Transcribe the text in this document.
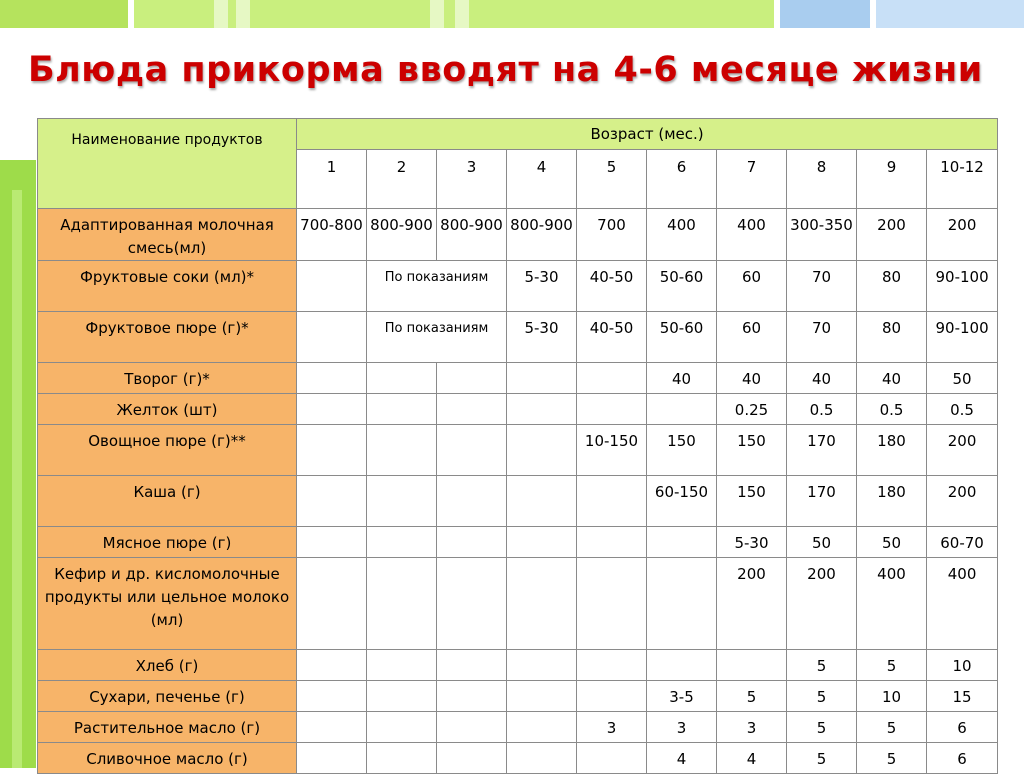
Блюда прикорма вводят на 4-6 месяце жизни
Наименование продуктов	Возраст (мес.)									
	1	2	3	4	5	6	7	8	9	10-12
Адаптированная молочная смесь(мл)	700-800	800-900	800-900	800-900	700	400	400	300-350	200	200
Фруктовые соки (мл)*		По показаниям		5-30	40-50	50-60	60	70	80	90-100
Фруктовое пюре (г)*		По показаниям		5-30	40-50	50-60	60	70	80	90-100
Творог (г)*						40	40	40	40	50
Желток (шт)							0.25	0.5	0.5	0.5
Овощное пюре (г)**					10-150	150	150	170	180	200
Каша (г)						60-150	150	170	180	200
Мясное пюре (г)							5-30	50	50	60-70
Кефир и др. кисломолочные продукты или цельное молоко (мл)							200	200	400	400
Хлеб (г)								5	5	10
Сухари, печенье (г)						3-5	5	5	10	15
Растительное масло (г)					3	3	3	5	5	6
Сливочное масло (г)						4	4	5	5	6
